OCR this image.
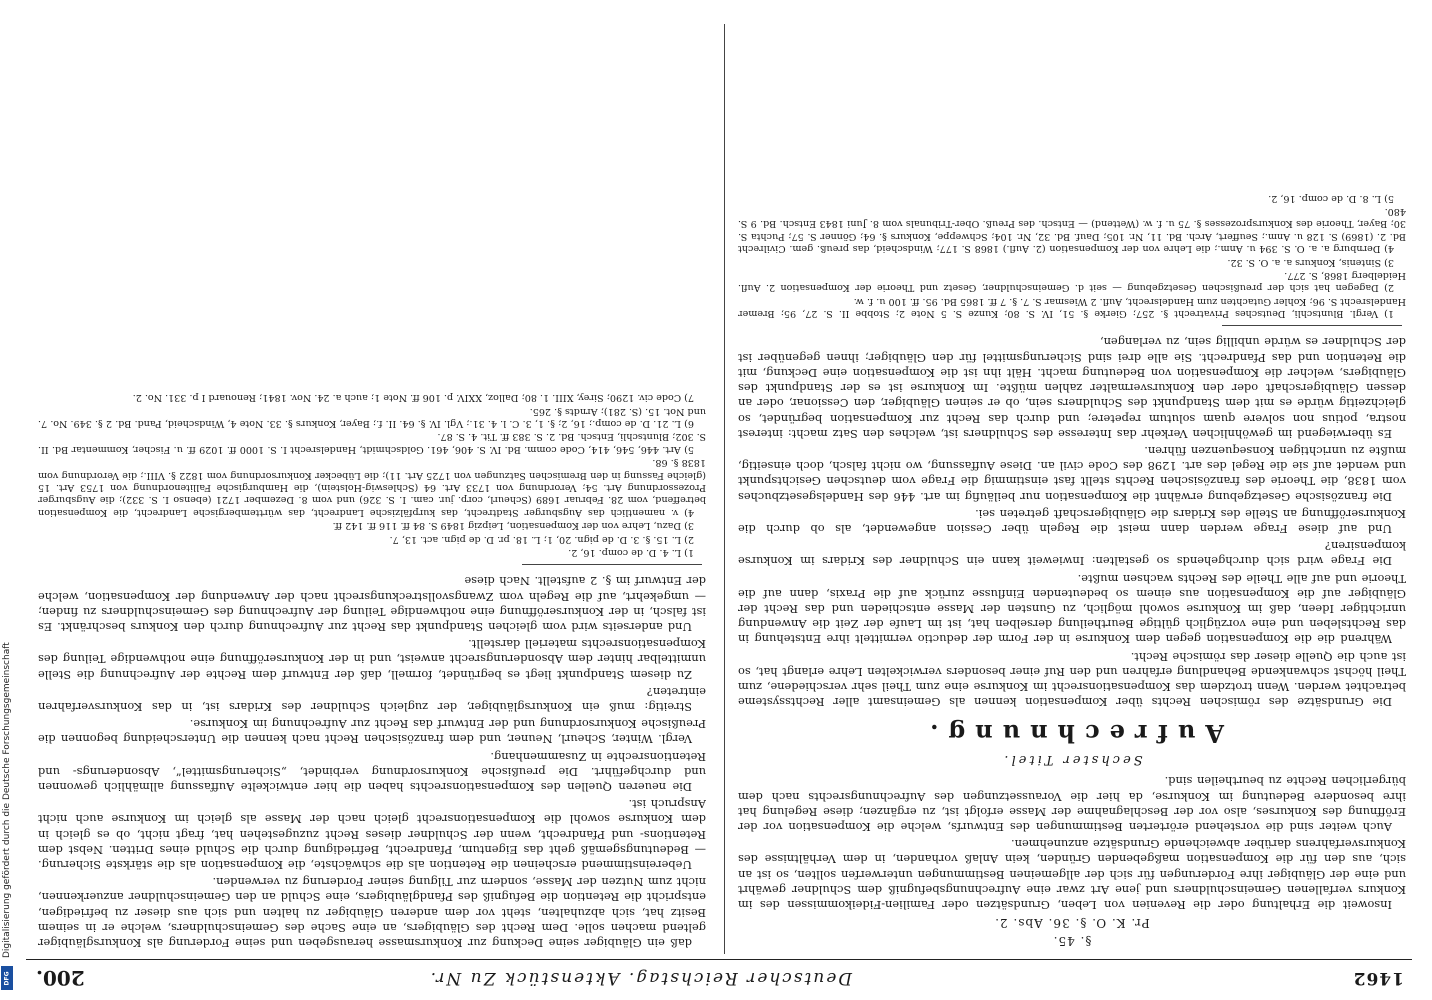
Digitalisierung gefördert durch die Deutsche Forschungsgemeinschaft
DFG	1462
Deutscher Reichstag. Aktenstück Zu Nr.
200.
§. 45.
Pr. K. O. §. 36. Abs. 2.

Insoweit die Erhaltung oder die Revenien von Leben, Grundsätzen oder Familien-Fideikommissen des im Konkurs verfallenen Gemeinschuldners und jene Art zwar eine Aufrechnungsbefugniß dem Schuldner gewährt und eine der Gläubiger ihre Forderungen für sich der allgemeinen Bestimmungen unterwerfen sollten, so ist an sich, aus den für die Kompensation maßgebenden Gründen, kein Anlaß vorhanden, in dem Verhältnisse des Konkursverfahrens darüber abweichende Grundsätze anzunehmen.

Auch weiter sind die vorstehend erörterten Bestimmungen des Entwurfs, welche die Kompensation vor der Eröffnung des Konkurses, also vor der Beschlagnahme der Masse erfolgt ist, zu ergänzen; diese Regelung hat ihre besondere Bedeutung im Konkurse, da hier die Voraussetzungen des Aufrechnungsrechts nach dem bürgerlichen Rechte zu beurtheilen sind.

Sechster Titel.
Aufrechnung.

Die Grundsätze des römischen Rechts über Kompensation kennen als Gemeinsamt aller Rechtssysteme betrachtet werden. Wenn trotzdem das Kompensationsrecht im Konkurse eine zum Theil sehr verschiedene, zum Theil höchst schwankende Behandlung erfahren und den Ruf einer besonders verwickelten Lehre erlangt hat, so ist auch die Quelle dieser das römische Recht.

Während die die Kompensation gegen dem Konkurse in der Form der deductio vermittelt ihre Entstehung in das Rechtsleben und eine vorzüglich gültige Beurtheilung derselben hat, ist im Laufe der Zeit die Anwendung unrichtiger Ideen, daß im Konkurse sowohl möglich, zu Gunsten der Masse entschieden und das Recht der Gläubiger auf die Kompensation aus einem so bedeutenden Einflusse zurück auf die Praxis, dann auf die Theorie und auf alle Theile des Rechts wachsen mußte.

Die Frage wird sich durchgehends so gestalten: Inwieweit kann ein Schuldner des Kridars im Konkurse kompensiren?

Und auf diese Frage werden dann meist die Regeln über Cession angewendet, als ob durch die Konkurseröffnung an Stelle des Kridars die Gläubigerschaft getreten sei.

Die französische Gesetzgebung erwähnt die Kompensation nur beiläufig im art. 446 des Handelsgesetzbuches vom 1838, die Theorie des französischen Rechts stellt fast einstimmig die Frage vom deutschen Gesichtspunkt und wendet auf sie die Regel des art. 1298 des Code civil an. Diese Auffassung, wo nicht falsch, doch einseitig, mußte zu unrichtigen Konsequenzen führen.

Es überwiegend im gewöhnlichen Verkehr das Interesse des Schuldners ist, welches den Satz macht: interest nostra, potius non solvere quam solutum repetere; und durch das Recht zur Kompensation begründet, so gleichzeitig würde es mit dem Standpunkt des Schuldners sein, ob er seinen Gläubiger, den Cessionar, oder an dessen Gläubigerschaft oder den Konkursvermalter zahlen müßte. Im Konkurse ist es der Standpunkt des Gläubigers, welcher die Kompensation von Bedeutung macht. Hält ihn ist die Kompensation eine Deckung, mit die Retention und das Pfandrecht. Sie alle drei sind Sicherungsmittel für den Gläubiger; ihnen gegenüber ist der Schuldner es würde unbillig sein, zu verlangen,

1) Vergl. Bluntschli, Deutsches Privatrecht §. 257; Gierke §. 51, IV. S. 80; Kunze S. 5 Note 2; Stobbe II. S. 27, 95; Bremer Handelsrecht S. 96; Kohler Gutachten zum Handelsrecht, Aufl. 2 Wiesmar S. 7. §. 7 ff. 1865 Bd. 95. ff. 100 u. f. w.

2) Dagegen hat sich der preußischen Gesetzgebung — seit d. Gemeinschuldner, Gesetz und Theorie der Kompensation 2. Aufl. Heidelberg 1868, S. 277.

3) Sintenis, Konkurs a. a. O. S. 32.

4) Dernburg a. a. O. S. 394 u. Anm.; die Lehre von der Kompensation (2. Aufl.) 1868 S. 177; Windscheid, das preuß. gem. Civilrecht Bd. 2. (1869) S. 128 u. Anm.; Seuffert, Arch. Bd. 11, Nr. 105; Dauf. Bd. 32, Nr. 104; Schweppe, Konkurs §. 64; Gönner S. 57; Puchta S. 30; Bayer, Theorie des Konkursprozesses §. 75 u. f. w. (Wettend) — Entsch. des Preuß. Ober-Tribunals vom 8. Juni 1843 Entsch. Bd. 9 S. 480.

5) L. 8. D. de comp. 16, 2.

daß ein Gläubiger seine Deckung zur Konkursmasse herausgeben und seine Forderung als Konkursgläubiger geltend machen solle. Dem Recht des Gläubigers, an eine Sache des Gemeinschuldners, welche er in seinem Besitz hat, sich abzuhalten, steht vor dem anderen Gläubiger zu halten und sich aus dieser zu befriedigen, entspricht die Retention die Befugniß des Pfandgläubigers, eine Schuld an den Gemeinschuldner anzuerkennen, nicht zum Nutzen der Masse, sondern zur Tilgung seiner Forderung zu verwenden.

Uebereinstimmend erscheinen die Retention als die schwächste, die Kompensation als die stärkste Sicherung. — Bedeutungsgemäß geht das Eigentum, Pfandrecht, Befriedigung durch die Schuld eines Dritten. Nebst dem Retentions- und Pfandrecht, wenn der Schuldner dieses Recht zuzugestehen hat, fragt nicht, ob es gleich in dem Konkurse sowohl die Kompensationsrecht gleich nach der Masse als gleich im Konkurse auch nicht Anspruch ist.

Die neueren Quellen des Kompensationsrechts haben die hier entwickelte Auffassung allmählich gewonnen und durchgeführt. Die preußische Konkursordnung verbindet, „Sicherungsmittel“, Absonderungs- und Retentionsrechte in Zusammenhang.

Vergl. Winter, Scheurl, Neuner, und dem französischen Recht nach kennen die Unterscheidung begonnen die Preußische Konkursordnung und der Entwurf das Recht zur Aufrechnung im Konkurse.

Streitig: muß ein Konkursgläubiger, der zugleich Schuldner des Kridars ist, in das Konkursverfahren eintreten?

Zu diesem Standpunkt liegt es begründet, formell, daß der Entwurf dem Rechte der Aufrechnung die Stelle unmittelbar hinter dem Absonderungsrecht anweist, und in der Konkurseröffnung eine nothwendige Teilung des Kompensationsrechts materiell darstellt.

Und anderseits wird vom gleichen Standpunkt das Recht zur Aufrechnung durch den Konkurs beschränkt. Es ist falsch, in der Konkurseröffnung eine nothwendige Teilung der Aufrechnung des Gemeinschuldners zu finden; — umgekehrt, auf die Regeln vom Zwangsvollstreckungsrecht nach der Anwendung der Kompensation, welche der Entwurf im §. 2 aufstellt. Nach diese

1) L. 4. D. de comp. 16, 2.

2) L. 15. §. 3. D. de pign. 20, 1; L. 18. pr. D. de pign. act. 13, 7.

3) Dazu, Lehre von der Kompensation, Leipzig 1849 S. 84 ff. 116 ff. 142 ff.

4) v. namentlich das Augsburger Stadtrecht, das kurpfälzische Landrecht, das württembergische Landrecht, die Kompensation betreffend, vom 28. Februar 1689 (Scheurl, corp. jur. cam. I. S. 326) und vom 8. Dezember 1721 (ebenso I. S. 332); die Augsburger Prozessordnung Art. 54; Verordnung von 1733 Art. 64 (Schleswig-Holstein), die Hamburgische Fallitenordnung von 1753 Art. 15 (gleiche Fassung in den Bremischen Satzungen von 1725 Art. 11); die Lübecker Konkursordnung vom 1822 §. VIII.; die Verordnung vom 1838 §. 68.

5) Art. 446, 546, 414, Code comm. Bd. IV. S. 406, 461. Goldschmidt, Handelsrecht I. S. 1000 ff. 1029 ff. u. Fischer, Kommentar Bd. II. S. 302; Bluntschli, Entsch. Bd. 2. S. 383 ff. Tit. 4. S. 87.

6) L. 21. D. de comp.; 16, 2; §. 1, 3. C. l. 4. 31.; Vgl. IV. §. 64. II. f.; Bayer, Konkurs §. 33. Note 4, Windscheid, Pand. Bd. 2 §. 349. No. 7. und Not. 15. (S. 281); Arndts §. 265.

7) Code civ. 1290; Sirey, XIII. 1. 80; Dalloz, XXIV. p. 106 ff. Note 1; auch a. 24. Nov. 1841; Renouard I p. 331. No. 2.
